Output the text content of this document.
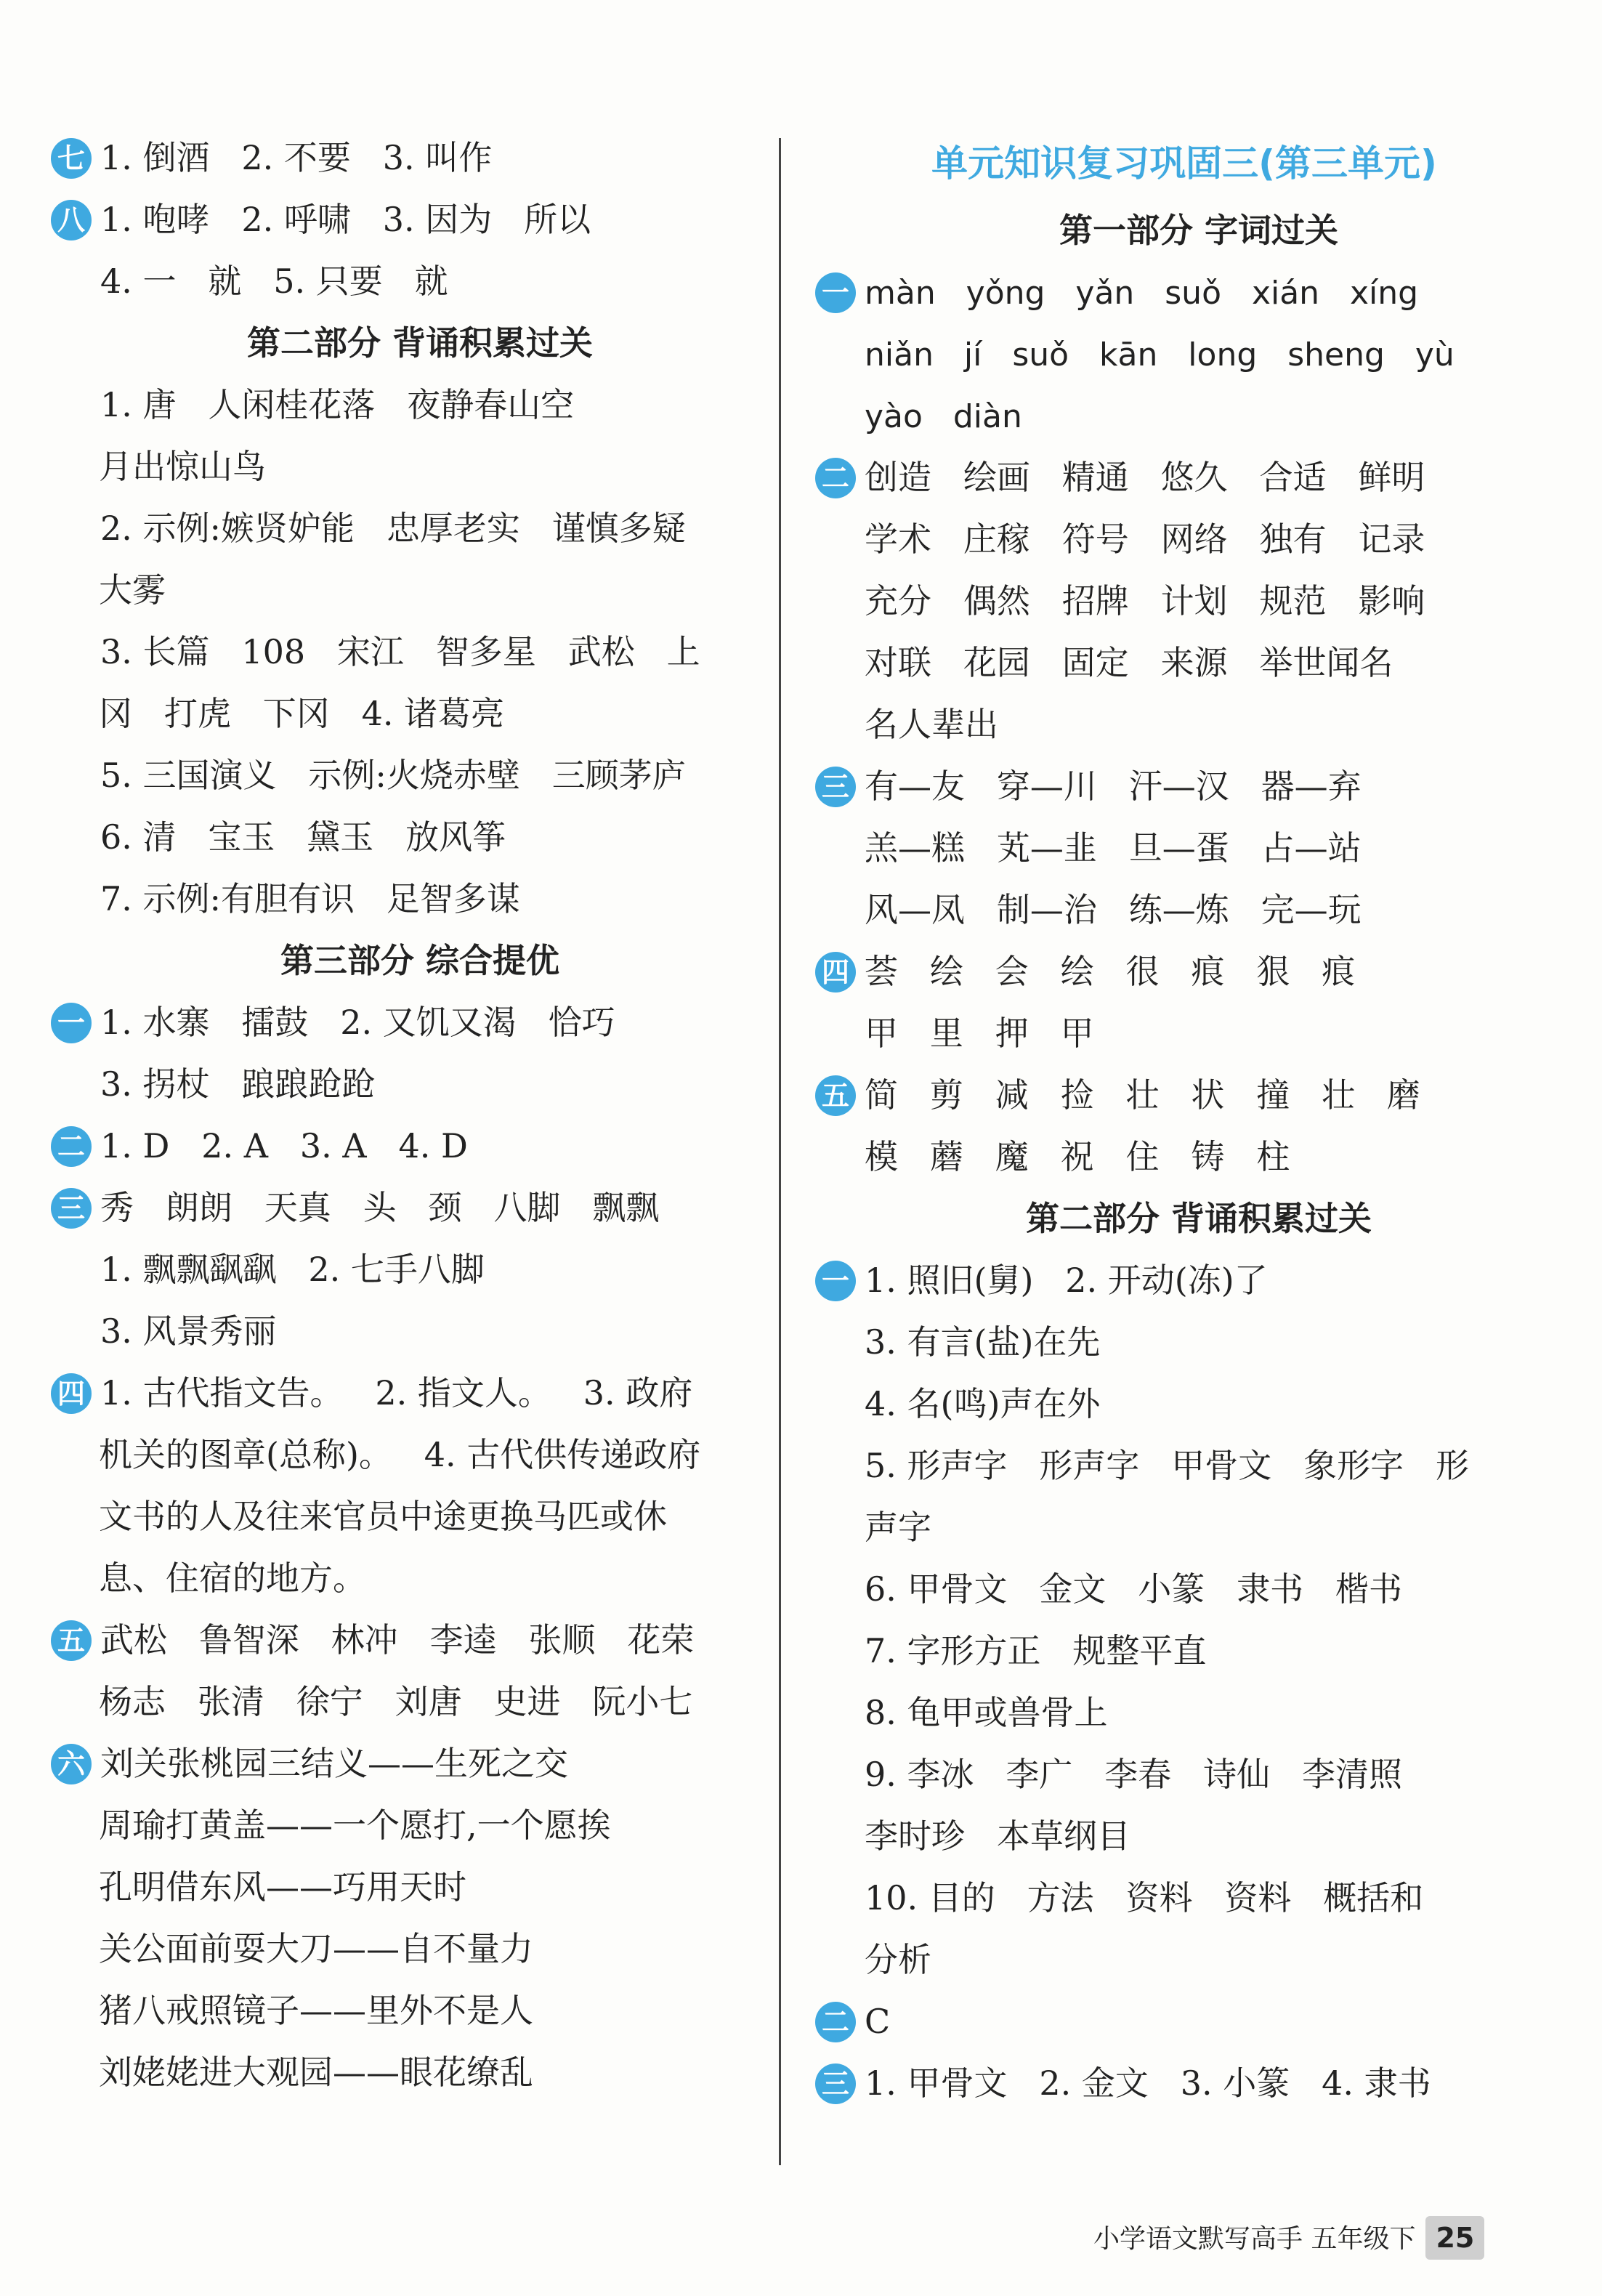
七 1. 倒酒   2. 不要   3. 叫作
八 1. 咆哮   2. 呼啸   3. 因为   所以
4. 一   就   5. 只要   就
第二部分 背诵积累过关
1. 唐   人闲桂花落   夜静春山空
月出惊山鸟
2. 示例:嫉贤妒能   忠厚老实   谨慎多疑
大雾
3. 长篇   108   宋江   智多星   武松   上
冈   打虎   下冈   4. 诸葛亮
5. 三国演义   示例:火烧赤壁   三顾茅庐
6. 清   宝玉   黛玉   放风筝
7. 示例:有胆有识   足智多谋
第三部分 综合提优
一 1. 水寨   擂鼓   2. 又饥又渴   恰巧
3. 拐杖   踉踉跄跄
二 1. D   2. A   3. A   4. D
三 秀   朗朗   天真   头   颈   八脚   飘飘
1. 飘飘飖飖   2. 七手八脚
3. 风景秀丽
四 1. 古代指文告。   2. 指文人。   3. 政府
机关的图章(总称)。   4. 古代供传递政府
文书的人及往来官员中途更换马匹或休
息、住宿的地方。
五 武松   鲁智深   林冲   李逵   张顺   花荣
杨志   张清   徐宁   刘唐   史进   阮小七
六 刘关张桃园三结义——生死之交
周瑜打黄盖——一个愿打,一个愿挨
孔明借东风——巧用天时
关公面前耍大刀——自不量力
猪八戒照镜子——里外不是人
刘姥姥进大观园——眼花缭乱
单元知识复习巩固三(第三单元)
第一部分 字词过关
一 màn   yǒng   yǎn   suǒ   xián   xíng
niǎn   jí   suǒ   kān   long   sheng   yù
yào   diàn
二 创造   绘画   精通   悠久   合适   鲜明
学术   庄稼   符号   网络   独有   记录
充分   偶然   招牌   计划   规范   影响
对联   花园   固定   来源   举世闻名
名人辈出
三 有—友   穿—川   汗—汉   器—弃
羔—糕   芄—韭   旦—蛋   占—站
风—凤   制—治   练—炼   完—玩
四 荟   绘   会   绘   很   痕   狠   痕
甲   里   押   甲
五 简   剪   减   捡   壮   状   撞   壮   磨
模   蘑   魔   祝   住   铸   柱
第二部分 背诵积累过关
一 1. 照旧(舅)   2. 开动(冻)了
3. 有言(盐)在先
4. 名(鸣)声在外
5. 形声字   形声字   甲骨文   象形字   形
声字
6. 甲骨文   金文   小篆   隶书   楷书
7. 字形方正   规整平直
8. 龟甲或兽骨上
9. 李冰   李广   李春   诗仙   李清照
李时珍   本草纲目
10. 目的   方法   资料   资料   概括和
分析
二 C
三 1. 甲骨文   2. 金文   3. 小篆   4. 隶书
小学语文默写高手 五年级下 25
